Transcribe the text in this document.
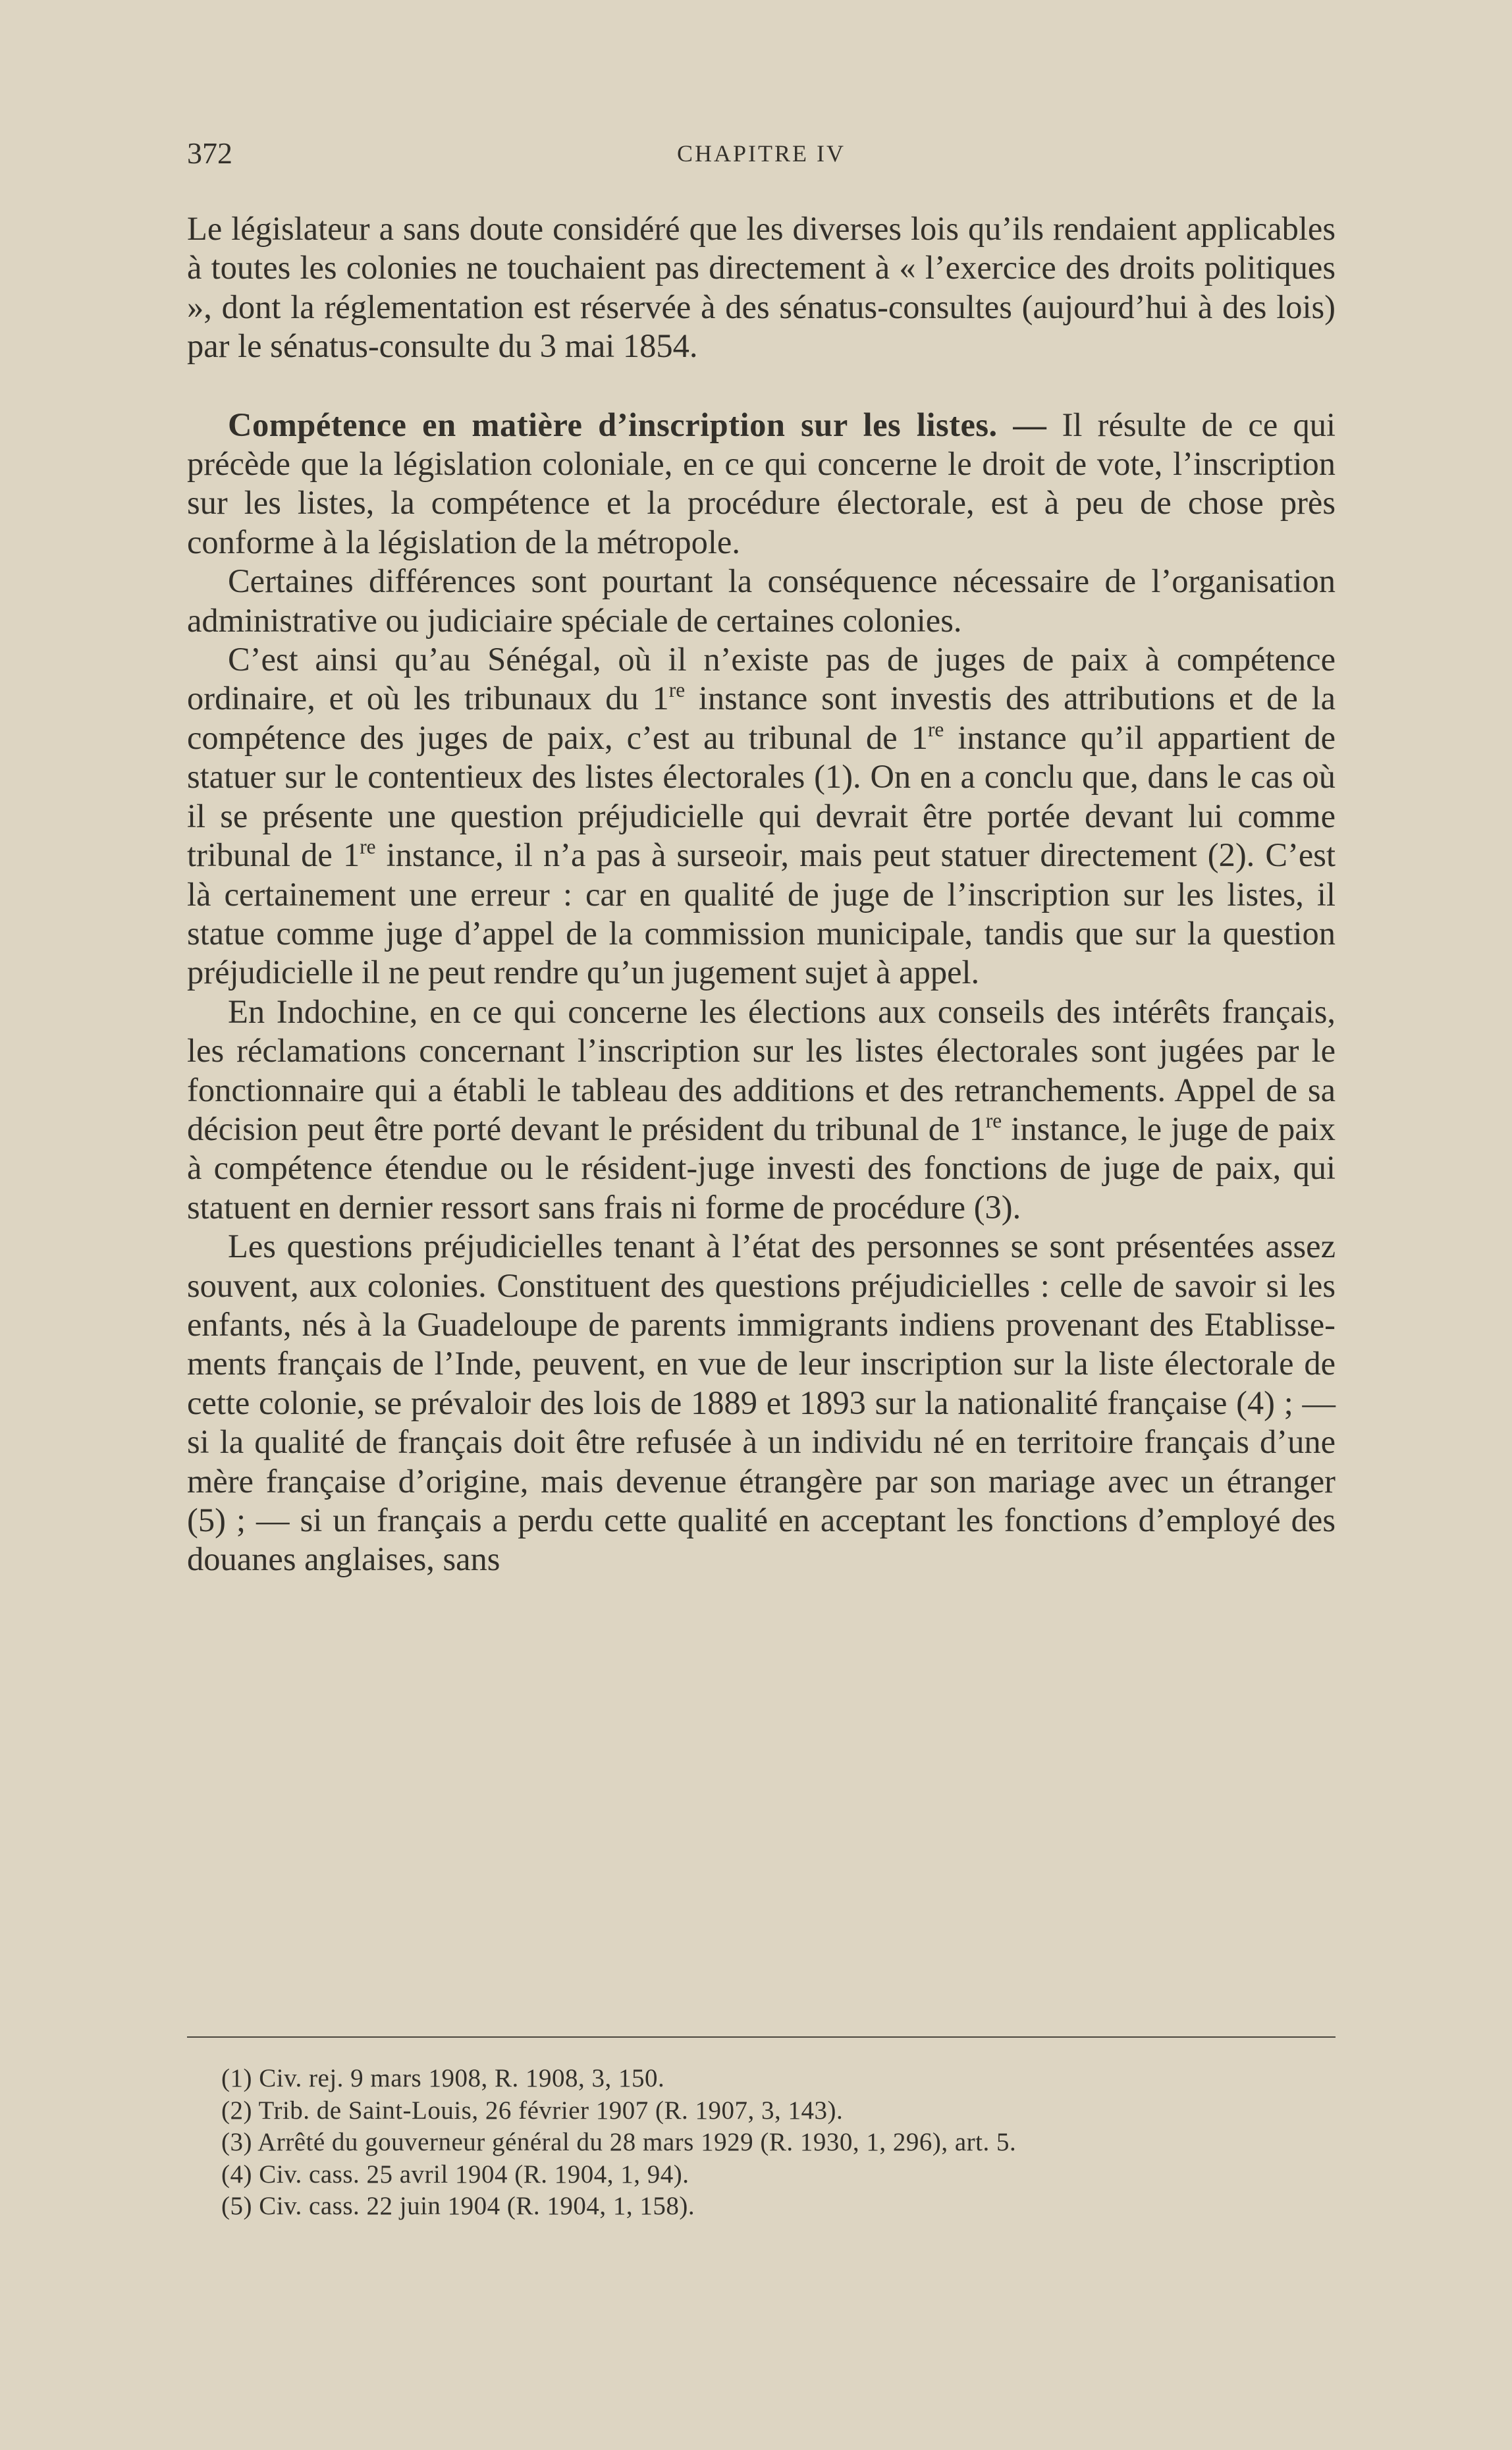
372	CHAPITRE IV

Le législateur a sans doute considéré que les diverses lois qu’ils rendaient applicables à toutes les colonies ne touchaient pas directement à « l’exercice des droits politiques », dont la réglementation est réservée à des sénatus-consultes (aujourd’hui à des lois) par le sénatus-consulte du 3 mai 1854.

Compétence en matière d’inscription sur les listes. — Il résulte de ce qui précède que la législation coloniale, en ce qui concerne le droit de vote, l’inscription sur les listes, la compétence et la procédure électorale, est à peu de chose près conforme à la législation de la métropole.

Certaines différences sont pourtant la conséquence nécessaire de l’organisation administrative ou judiciaire spéciale de certaines colonies.

C’est ainsi qu’au Sénégal, où il n’existe pas de juges de paix à compétence ordinaire, et où les tribunaux du 1re instance sont investis des attributions et de la compétence des juges de paix, c’est au tribunal de 1re instance qu’il appartient de statuer sur le contentieux des listes électorales (1). On en a conclu que, dans le cas où il se présente une question préjudicielle qui devrait être portée devant lui comme tribunal de 1re instance, il n’a pas à surseoir, mais peut statuer directement (2). C’est là certainement une erreur : car en qualité de juge de l’inscription sur les listes, il statue comme juge d’appel de la commission municipale, tandis que sur la question préjudicielle il ne peut rendre qu’un jugement sujet à appel.

En Indochine, en ce qui concerne les élections aux conseils des intérêts français, les réclamations concernant l’inscription sur les listes électorales sont jugées par le fonctionnaire qui a établi le tableau des additions et des retranchements. Appel de sa décision peut être porté devant le président du tribunal de 1re instance, le juge de paix à compétence étendue ou le résident-juge investi des fonctions de juge de paix, qui statuent en dernier ressort sans frais ni forme de procédure (3).

Les questions préjudicielles tenant à l’état des personnes se sont présentées assez souvent, aux colonies. Constituent des questions préjudicielles : celle de savoir si les enfants, nés à la Guadeloupe de parents immigrants indiens provenant des Etablissements français de l’Inde, peuvent, en vue de leur inscription sur la liste électorale de cette colonie, se prévaloir des lois de 1889 et 1893 sur la nationalité française (4) ; — si la qualité de français doit être refusée à un individu né en territoire français d’une mère française d’origine, mais devenue étrangère par son mariage avec un étranger (5) ; — si un français a perdu cette qualité en acceptant les fonctions d’employé des douanes anglaises, sans

(1) Civ. rej. 9 mars 1908, R. 1908, 3, 150.
(2) Trib. de Saint-Louis, 26 février 1907 (R. 1907, 3, 143).
(3) Arrêté du gouverneur général du 28 mars 1929 (R. 1930, 1, 296), art. 5.
(4) Civ. cass. 25 avril 1904 (R. 1904, 1, 94).
(5) Civ. cass. 22 juin 1904 (R. 1904, 1, 158).
